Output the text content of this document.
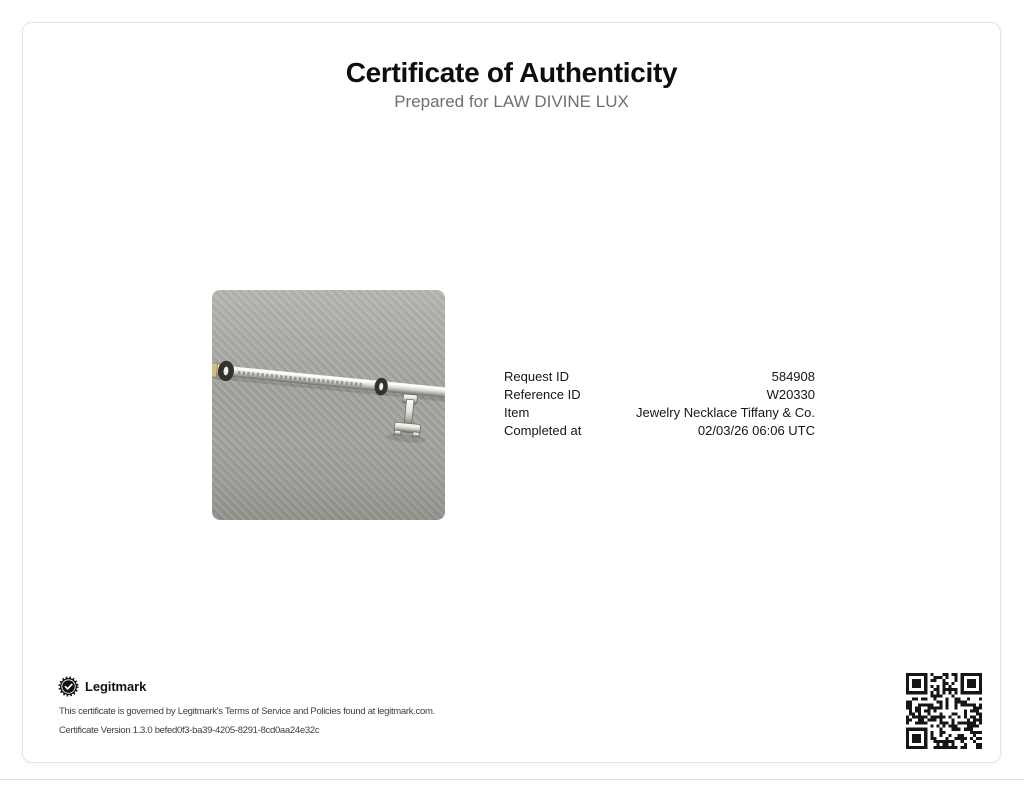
Certificate of Authenticity
Prepared for LAW DIVINE LUX
Request ID	584908
Reference ID	W20330
Item	Jewelry Necklace Tiffany & Co.
Completed at	02/03/26 06:06 UTC
Legitmark
This certificate is governed by Legitmark's Terms of Service and Policies found at legitmark.com.
Certificate Version 1.3.0 befed0f3-ba39-4205-8291-8cd0aa24e32c
